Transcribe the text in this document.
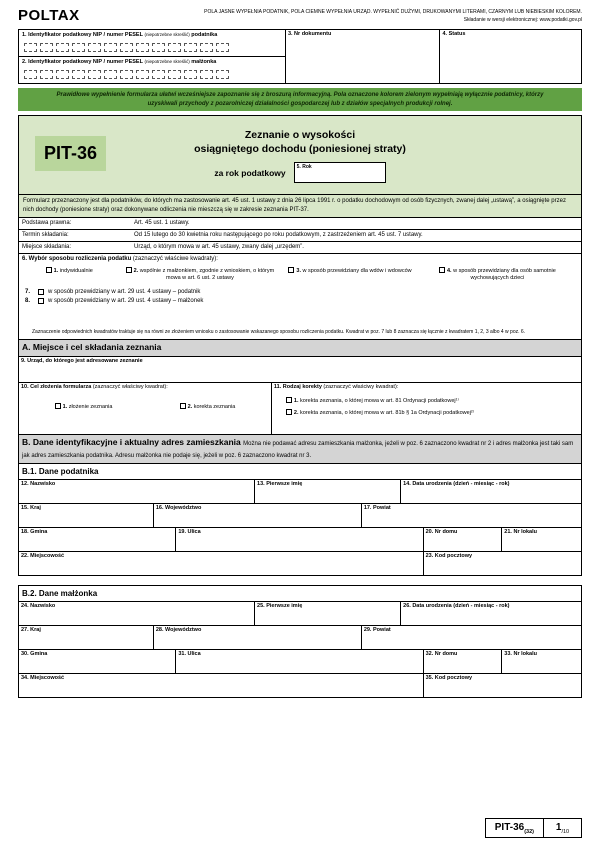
POLTAX	POLA JASNE WYPEŁNIA PODATNIK, POLA CIEMNE WYPEŁNIA URZĄD. WYPEŁNIĆ DUŻYMI, DRUKOWANYMI LITERAMI, CZARNYM LUB NIEBIESKIM KOLOREM.
Składanie w wersji elektronicznej: www.podatki.gov.pl
1. Identyfikator podatkowy NIP / numer PESEL (niepotrzebne skreślić) podatnika
2. Identyfikator podatkowy NIP / numer PESEL (niepotrzebne skreślić) małżonka
3. Nr dokumentu	4. Status
Prawidłowe wypełnienie formularza ułatwi wcześniejsze zapoznanie się z broszurą informacyjną. Pola oznaczone kolorem zielonym wypełniają wyłącznie podatnicy, którzy uzyskiwali przychody z pozarolniczej działalności gospodarczej lub z działów specjalnych produkcji rolnej.
PIT-36
Zeznanie o wysokości
osiągniętego dochodu (poniesionej straty)
za rok podatkowy
5. Rok
Formularz przeznaczony jest dla podatników, do których ma zastosowanie art. 45 ust. 1 ustawy z dnia 26 lipca 1991 r. o podatku dochodowym od osób fizycznych, zwanej dalej „ustawą”, a osiągnięte przez nich dochody (poniesione straty) oraz dokonywane odliczenia nie mieszczą się w zakresie zeznania PIT-37.
Podstawa prawna:	Art. 45 ust. 1 ustawy.
Termin składania:	Od 15 lutego do 30 kwietnia roku następującego po roku podatkowym, z zastrzeżeniem art. 45 ust. 7 ustawy.
Miejsce składania:	Urząd, o którym mowa w art. 45 ustawy, zwany dalej „urzędem”.
6. Wybór sposobu rozliczenia podatku (zaznaczyć właściwe kwadraty):
1. indywidualnie	2. wspólnie z małżonkiem, zgodnie z wnioskiem, o którym mowa w art. 6 ust. 2 ustawy
3. w sposób przewidziany dla wdów i wdowców	4. w sposób przewidziany dla osób samotnie wychowujących dzieci
7.	w sposób przewidziany w art. 29 ust. 4 ustawy – podatnik
8.	w sposób przewidziany w art. 29 ust. 4 ustawy – małżonek
Zaznaczenie odpowiednich kwadratów traktuje się na równi ze złożeniem wniosku o zastosowanie wskazanego sposobu rozliczenia podatku. Kwadrat w poz. 7 lub 8 zaznacza się łącznie z kwadratem 1, 2, 3 albo 4 w poz. 6.
A. Miejsce i cel składania zeznania
9. Urząd, do którego jest adresowane zeznanie
10. Cel złożenia formularza (zaznaczyć właściwy kwadrat):
1. złożenie zeznania	2. korekta zeznania
11. Rodzaj korekty (zaznaczyć właściwy kwadrat):
1. korekta zeznania, o której mowa w art. 81 Ordynacji podatkowej¹⁾
2. korekta zeznania, o której mowa w art. 81b § 1a Ordynacji podatkowej²⁾
B. Dane identyfikacyjne i aktualny adres zamieszkania Można nie podawać adresu zamieszkania małżonka, jeżeli w poz. 6 zaznaczono kwadrat nr 2 i adres małżonka jest taki sam jak adres zamieszkania podatnika. Adresu małżonka nie podaje się, jeżeli w poz. 6 zaznaczono kwadrat nr 3.
B.1. Dane podatnika
12. Nazwisko	13. Pierwsze imię	14. Data urodzenia (dzień - miesiąc - rok)
15. Kraj	16. Województwo	17. Powiat
18. Gmina	19. Ulica	20. Nr domu	21. Nr lokalu
22. Miejscowość	23. Kod pocztowy
B.2. Dane małżonka
24. Nazwisko	25. Pierwsze imię	26. Data urodzenia (dzień - miesiąc - rok)
27. Kraj	28. Województwo	29. Powiat
30. Gmina	31. Ulica	32. Nr domu	33. Nr lokalu
34. Miejscowość	35. Kod pocztowy
PIT-$36_{(32)}$	$1_{/10}$
